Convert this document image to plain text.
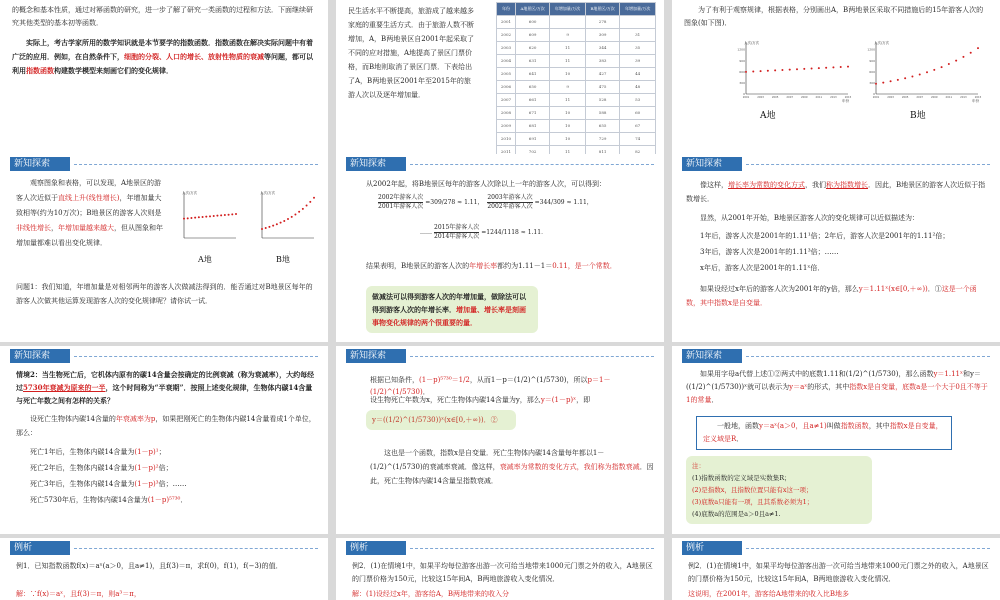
的概念和基本性质，通过对幂函数的研究，进一步了解了研究一类函数的过程和方法．下面继续研究其他类型的基本初等函数．

实际上，考古学家所用的数学知识就是本节要学的指数函数．指数函数在解决实际问题中有着广泛的应用．例如，在自然条件下，细胞的分裂、人口的增长、放射性物质的衰减等问题，都可以利用指数函数构建数学模型来刻画它们的变化规律．

民生活水平不断提高，旅游成了越来越多家庭的重要生活方式．由于旅游人数不断增加，A，B两地景区自2001年起采取了不同的应对措施，A地提高了景区门票价格，而B地则取消了景区门票．下表给出了A，B两地景区2001年至2015年的旅游人次以及逐年增加量．

年份	A地景区/万次	年增加量/万次	B地景区/万次	年增加量/万次
2001	600		278	
2002	609	9	309	31
2003	620	11	344	35
2004	631	11	383	39
2005	641	10	427	44
2006	650	9	475	48
2007	661	11	528	53
2008	671	10	588	60
2009	681	10	655	67
2010	691	10	729	74
2011	702	11	811	82

为了有利于观察规律，根据表格，分别画出A，B两地景区采取不同措施后的15年游客人次的图象(如下图)．

人次/万次
年份
0
300
600
900
1200
2001	2003	2005	2007	2009	2011	2013	2015
人次/万次
年份
0
300
600
900
1200
2001	2003	2005	2007	2009	2011	2013	2015
A地	B地
新知探索

观察图象和表格，可以发现，A地景区的游客人次近似于直线上升(线性增长)，年增加量大致相等(约为10万次)；B地景区的游客人次则是非线性增长，年增加量越来越大，但从图象和年增加量都难以看出变化规律．

人次/万次	人次/万次
A地	B地

问题1：我们知道，年增加量是对相邻两年的游客人次做减法得到的．能否通过对B地景区每年的游客人次做其他运算发现游客人次的变化规律呢？请你试一试．

新知探索

从2002年起，将B地景区每年的游客人次除以上一年的游客人次，可以得到：

$\frac{\text{2002年游客人次}}{\text{2001年游客人次}} =309/278 \approx 1.11$， $\frac{\text{2003年游客人次}}{\text{2002年游客人次}} =344/309 \approx 1.11$，
…… $\frac{\text{2015年游客人次}}{\text{2014年游客人次}} =1244/1118 \approx 1.11$．

结果表明，B地景区的游客人次的年增长率都约为1.11－1＝0.11，是一个常数．

做减法可以得到游客人次的年增加量，做除法可以得到游客人次的年增长率．增加量、增长率是刻画事物变化规律的两个很重要的量．
新知探索

像这样，增长率为常数的变化方式，我们称为指数增长．因此，B地景区的游客人次近似于指数增长．

显然，从2001年开始，B地景区游客人次的变化规律可以近似描述为：

1年后，游客人次是2001年的1.11¹倍；2年后，游客人次是2001年的1.11²倍；

3年后，游客人次是2001年的1.11³倍；……

x年后，游客人次是2001年的1.11ˣ倍．

如果设经过x年后的游客人次为2001年的y倍，那么y＝1.11ˣ(x∈[0,＋∞))．①这是一个函数，其中指数x是自变量．

新知探索

情境2：当生物死亡后，它机体内原有的碳14含量会按确定的比例衰减（称为衰减率），大约每经过5730年衰减为原来的一半，这个时间称为“半衰期”．按照上述变化规律，生物体内碳14含量与死亡年数之间有怎样的关系？

设死亡生物体内碳14含量的年衰减率为p，如果把刚死亡的生物体内碳14含量看成1个单位，那么：

死亡1年后，生物体内碳14含量为(1－p)¹；

死亡2年后，生物体内碳14含量为(1－p)²倍；

死亡3年后，生物体内碳14含量为(1－p)³倍；……

死亡5730年后，生物体内碳14含量为(1－p)⁵⁷³⁰．

新知探索

根据已知条件，(1－p)⁵⁷³⁰＝1/2，从而1－p＝(1/2)^(1/5730)，所以p＝1－(1/2)^(1/5730)．

设生物死亡年数为x，死亡生物体内碳14含量为y，那么y＝(1－p)ˣ，即

y＝((1/2)^(1/5730))ˣ(x∈[0,＋∞))．②

这也是一个函数，指数x是自变量．死亡生物体内碳14含量每年都以1－(1/2)^(1/5730)的衰减率衰减．像这样，衰减率为常数的变化方式，我们称为指数衰减．因此，死亡生物体内碳14含量呈指数衰减．

新知探索

如果用字母a代替上述①②两式中的底数1.11和(1/2)^(1/5730)，那么函数y＝1.11ˣ和y＝((1/2)^(1/5730))ˣ就可以表示为y＝aˣ的形式，其中指数x是自变量，底数a是一个大于0且不等于1的常量．

一般地，函数y＝aˣ(a＞0，且a≠1)叫做指数函数，其中指数x是自变量，定义域是R．
注：
(1)指数函数的定义域是实数集R；
(2)是指数x，且指数位置只能有x这一项；
(3)底数a只能有一项，且其系数必须为1；
(4)底数a的范围是a＞0且a≠1.
例析

例1．已知指数函数f(x)＝aˣ(a＞0，且a≠1)，且f(3)＝π，求f(0)，f(1)，f(−3)的值．

解：∵f(x)＝aˣ，且f(3)＝π，则a³＝π，

例析

例2．(1)在情境1中，如果平均每位游客出游一次可给当地带来1000元门票之外的收入，A地景区的门票价格为150元，比较这15年间A，B两地旅游收入变化情况．

解：(1)设经过x年，游客给A，B两地带来的收入分

例析

例2．(1)在情境1中，如果平均每位游客出游一次可给当地带来1000元门票之外的收入，A地景区的门票价格为150元，比较这15年间A，B两地旅游收入变化情况．

这说明，在2001年，游客给A地带来的收入比B地多
